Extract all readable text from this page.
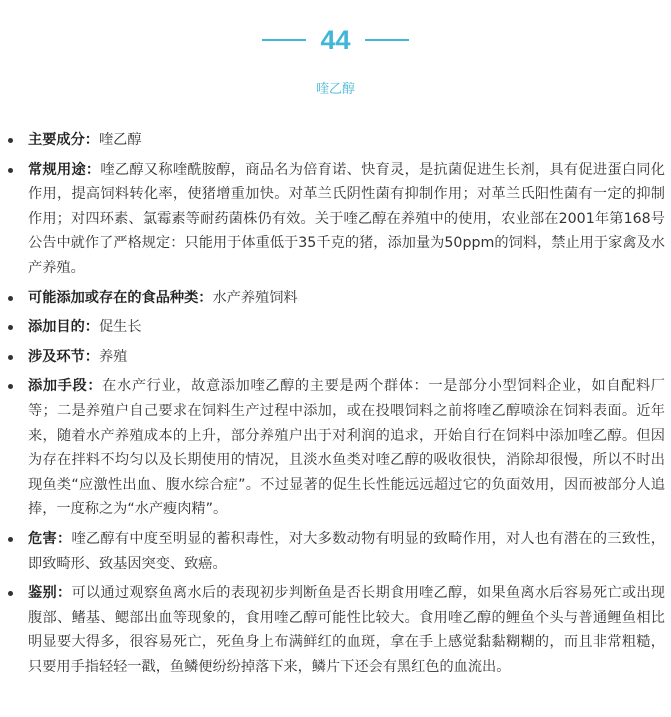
44
喹乙醇
主要成分：喹乙醇
常规用途：喹乙醇又称喹酰胺醇，商品名为倍育诺、快育灵，是抗菌促进生长剂，具有促进蛋白同化作用，提高饲料转化率，使猪增重加快。对革兰氏阴性菌有抑制作用；对革兰氏阳性菌有一定的抑制作用；对四环素、氯霉素等耐药菌株仍有效。关于喹乙醇在养殖中的使用，农业部在2001年第168号公告中就作了严格规定：只能用于体重低于35千克的猪，添加量为50ppm的饲料，禁止用于家禽及水产养殖。
可能添加或存在的食品种类：水产养殖饲料
添加目的：促生长
涉及环节：养殖
添加手段：在水产行业，故意添加喹乙醇的主要是两个群体：一是部分小型饲料企业，如自配料厂等；二是养殖户自己要求在饲料生产过程中添加，或在投喂饲料之前将喹乙醇喷涂在饲料表面。近年来，随着水产养殖成本的上升，部分养殖户出于对利润的追求，开始自行在饲料中添加喹乙醇。但因为存在拌料不均匀以及长期使用的情况，且淡水鱼类对喹乙醇的吸收很快，消除却很慢，所以不时出现鱼类“应激性出血、腹水综合症”。不过显著的促生长性能远远超过它的负面效用，因而被部分人追捧，一度称之为“水产瘦肉精”。
危害：喹乙醇有中度至明显的蓄积毒性，对大多数动物有明显的致畸作用，对人也有潜在的三致性，即致畸形、致基因突变、致癌。
鉴别：可以通过观察鱼离水后的表现初步判断鱼是否长期食用喹乙醇，如果鱼离水后容易死亡或出现腹部、鳍基、鳃部出血等现象的，食用喹乙醇可能性比较大。食用喹乙醇的鲤鱼个头与普通鲤鱼相比明显要大得多，很容易死亡，死鱼身上布满鲜红的血斑，拿在手上感觉黏黏糊糊的，而且非常粗糙，只要用手指轻轻一戳，鱼鳞便纷纷掉落下来，鳞片下还会有黑红色的血流出。
